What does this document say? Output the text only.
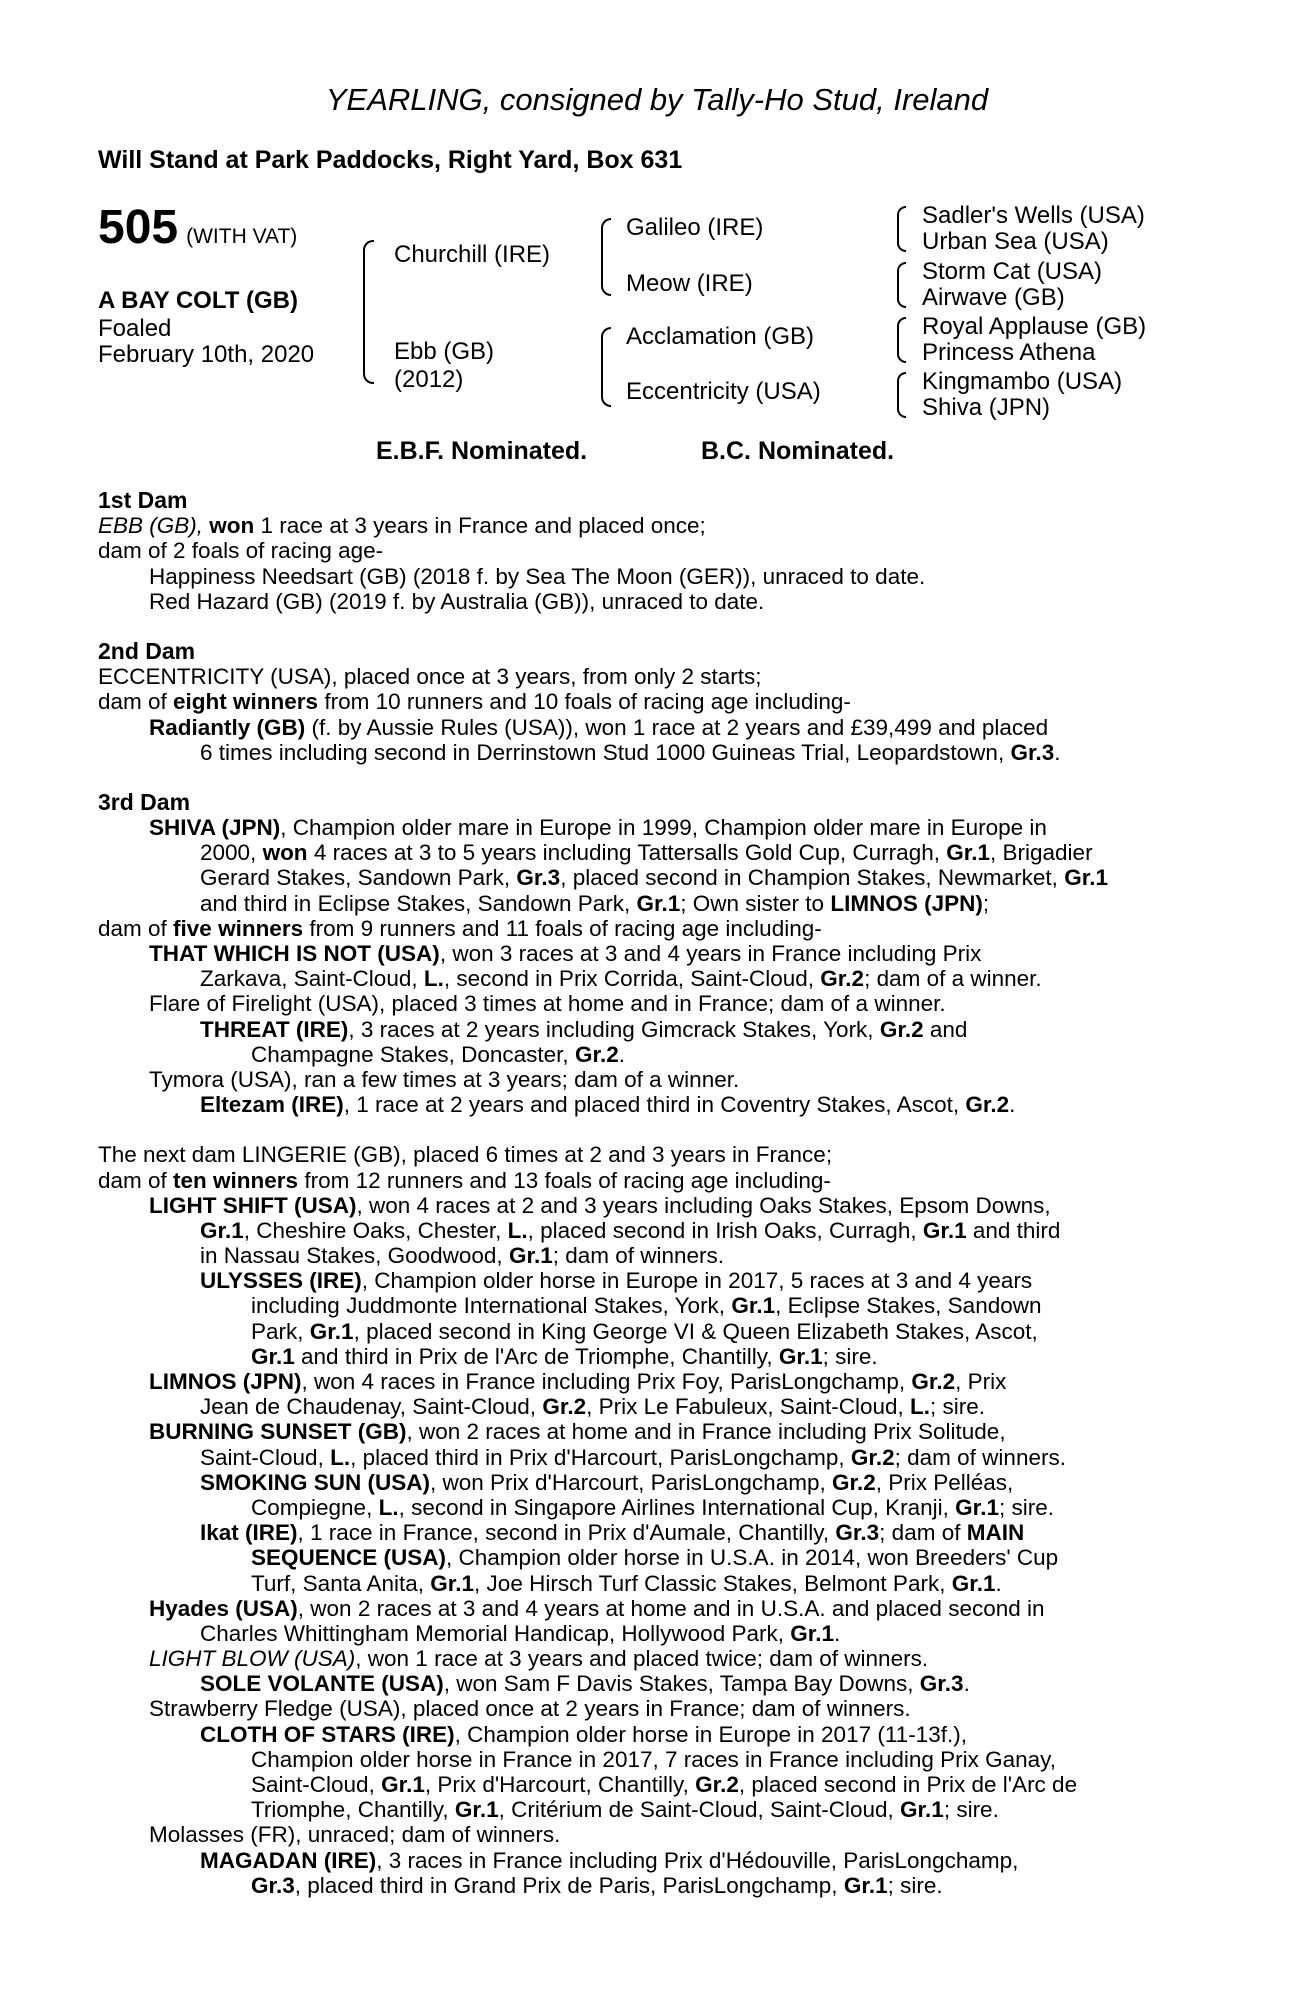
YEARLING, consigned by Tally-Ho Stud, Ireland
Will Stand at Park Paddocks, Right Yard, Box 631
505 (WITH VAT)
A BAY COLT (GB)
Foaled
February 10th, 2020
Churchill (IRE)
Ebb (GB)
(2012)
Galileo (IRE)
Meow (IRE)
Acclamation (GB)
Eccentricity (USA)
Sadler's Wells (USA)
Urban Sea (USA)
Storm Cat (USA)
Airwave (GB)
Royal Applause (GB)
Princess Athena
Kingmambo (USA)
Shiva (JPN)
E.B.F. Nominated.	B.C. Nominated.
1st Dam
EBB (GB), won 1 race at 3 years in France and placed once;
dam of 2 foals of racing age-
Happiness Needsart (GB) (2018 f. by Sea The Moon (GER)), unraced to date.
Red Hazard (GB) (2019 f. by Australia (GB)), unraced to date.
2nd Dam
ECCENTRICITY (USA), placed once at 3 years, from only 2 starts;
dam of eight winners from 10 runners and 10 foals of racing age including-
Radiantly (GB) (f. by Aussie Rules (USA)), won 1 race at 2 years and £39,499 and placed
6 times including second in Derrinstown Stud 1000 Guineas Trial, Leopardstown, Gr.3.
3rd Dam
SHIVA (JPN), Champion older mare in Europe in 1999, Champion older mare in Europe in
2000, won 4 races at 3 to 5 years including Tattersalls Gold Cup, Curragh, Gr.1, Brigadier
Gerard Stakes, Sandown Park, Gr.3, placed second in Champion Stakes, Newmarket, Gr.1
and third in Eclipse Stakes, Sandown Park, Gr.1; Own sister to LIMNOS (JPN);
dam of five winners from 9 runners and 11 foals of racing age including-
THAT WHICH IS NOT (USA), won 3 races at 3 and 4 years in France including Prix
Zarkava, Saint-Cloud, L., second in Prix Corrida, Saint-Cloud, Gr.2; dam of a winner.
Flare of Firelight (USA), placed 3 times at home and in France; dam of a winner.
THREAT (IRE), 3 races at 2 years including Gimcrack Stakes, York, Gr.2 and
Champagne Stakes, Doncaster, Gr.2.
Tymora (USA), ran a few times at 3 years; dam of a winner.
Eltezam (IRE), 1 race at 2 years and placed third in Coventry Stakes, Ascot, Gr.2.
The next dam LINGERIE (GB), placed 6 times at 2 and 3 years in France;
dam of ten winners from 12 runners and 13 foals of racing age including-
LIGHT SHIFT (USA), won 4 races at 2 and 3 years including Oaks Stakes, Epsom Downs,
Gr.1, Cheshire Oaks, Chester, L., placed second in Irish Oaks, Curragh, Gr.1 and third
in Nassau Stakes, Goodwood, Gr.1; dam of winners.
ULYSSES (IRE), Champion older horse in Europe in 2017, 5 races at 3 and 4 years
including Juddmonte International Stakes, York, Gr.1, Eclipse Stakes, Sandown
Park, Gr.1, placed second in King George VI & Queen Elizabeth Stakes, Ascot,
Gr.1 and third in Prix de l'Arc de Triomphe, Chantilly, Gr.1; sire.
LIMNOS (JPN), won 4 races in France including Prix Foy, ParisLongchamp, Gr.2, Prix
Jean de Chaudenay, Saint-Cloud, Gr.2, Prix Le Fabuleux, Saint-Cloud, L.; sire.
BURNING SUNSET (GB), won 2 races at home and in France including Prix Solitude,
Saint-Cloud, L., placed third in Prix d'Harcourt, ParisLongchamp, Gr.2; dam of winners.
SMOKING SUN (USA), won Prix d'Harcourt, ParisLongchamp, Gr.2, Prix Pelléas,
Compiegne, L., second in Singapore Airlines International Cup, Kranji, Gr.1; sire.
Ikat (IRE), 1 race in France, second in Prix d'Aumale, Chantilly, Gr.3; dam of MAIN
SEQUENCE (USA), Champion older horse in U.S.A. in 2014, won Breeders' Cup
Turf, Santa Anita, Gr.1, Joe Hirsch Turf Classic Stakes, Belmont Park, Gr.1.
Hyades (USA), won 2 races at 3 and 4 years at home and in U.S.A. and placed second in
Charles Whittingham Memorial Handicap, Hollywood Park, Gr.1.
LIGHT BLOW (USA), won 1 race at 3 years and placed twice; dam of winners.
SOLE VOLANTE (USA), won Sam F Davis Stakes, Tampa Bay Downs, Gr.3.
Strawberry Fledge (USA), placed once at 2 years in France; dam of winners.
CLOTH OF STARS (IRE), Champion older horse in Europe in 2017 (11-13f.),
Champion older horse in France in 2017, 7 races in France including Prix Ganay,
Saint-Cloud, Gr.1, Prix d'Harcourt, Chantilly, Gr.2, placed second in Prix de l'Arc de
Triomphe, Chantilly, Gr.1, Critérium de Saint-Cloud, Saint-Cloud, Gr.1; sire.
Molasses (FR), unraced; dam of winners.
MAGADAN (IRE), 3 races in France including Prix d'Hédouville, ParisLongchamp,
Gr.3, placed third in Grand Prix de Paris, ParisLongchamp, Gr.1; sire.
